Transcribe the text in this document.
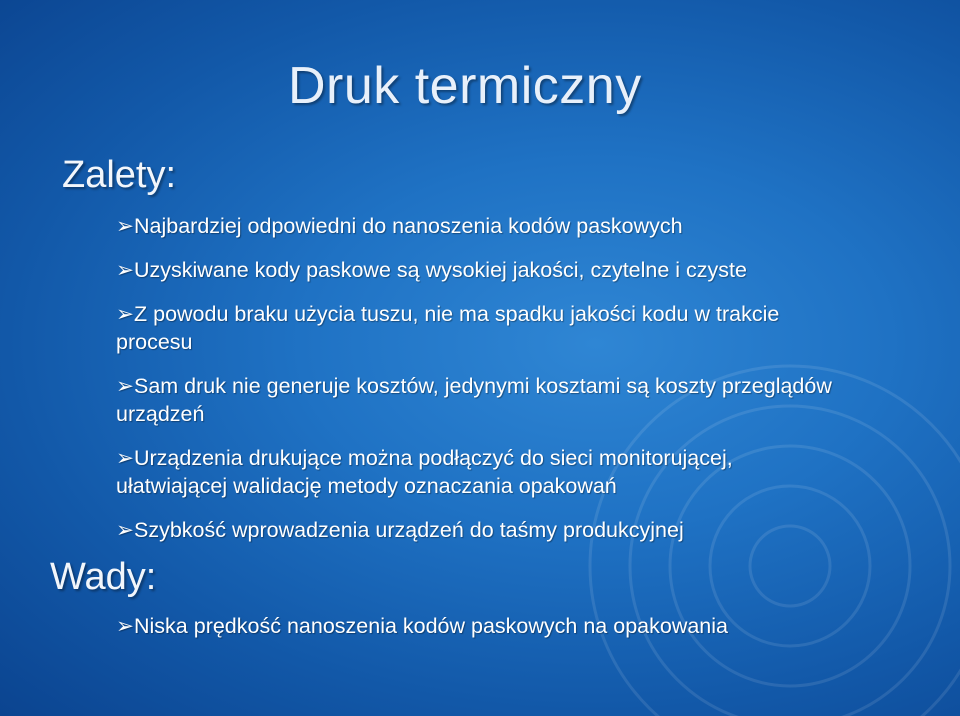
Druk termiczny
Zalety:
Wady:
➢Najbardziej odpowiedni do nanoszenia kodów paskowych
➢Uzyskiwane kody paskowe są wysokiej jakości, czytelne i czyste
➢Z powodu braku użycia tuszu, nie ma spadku jakości kodu w trakcie procesu
➢Sam druk nie generuje kosztów, jedynymi kosztami są koszty przeglądów urządzeń
➢Urządzenia drukujące można podłączyć do sieci monitorującej, ułatwiającej walidację metody oznaczania opakowań
➢Szybkość wprowadzenia urządzeń do taśmy produkcyjnej
➢Niska prędkość nanoszenia kodów paskowych na opakowania
